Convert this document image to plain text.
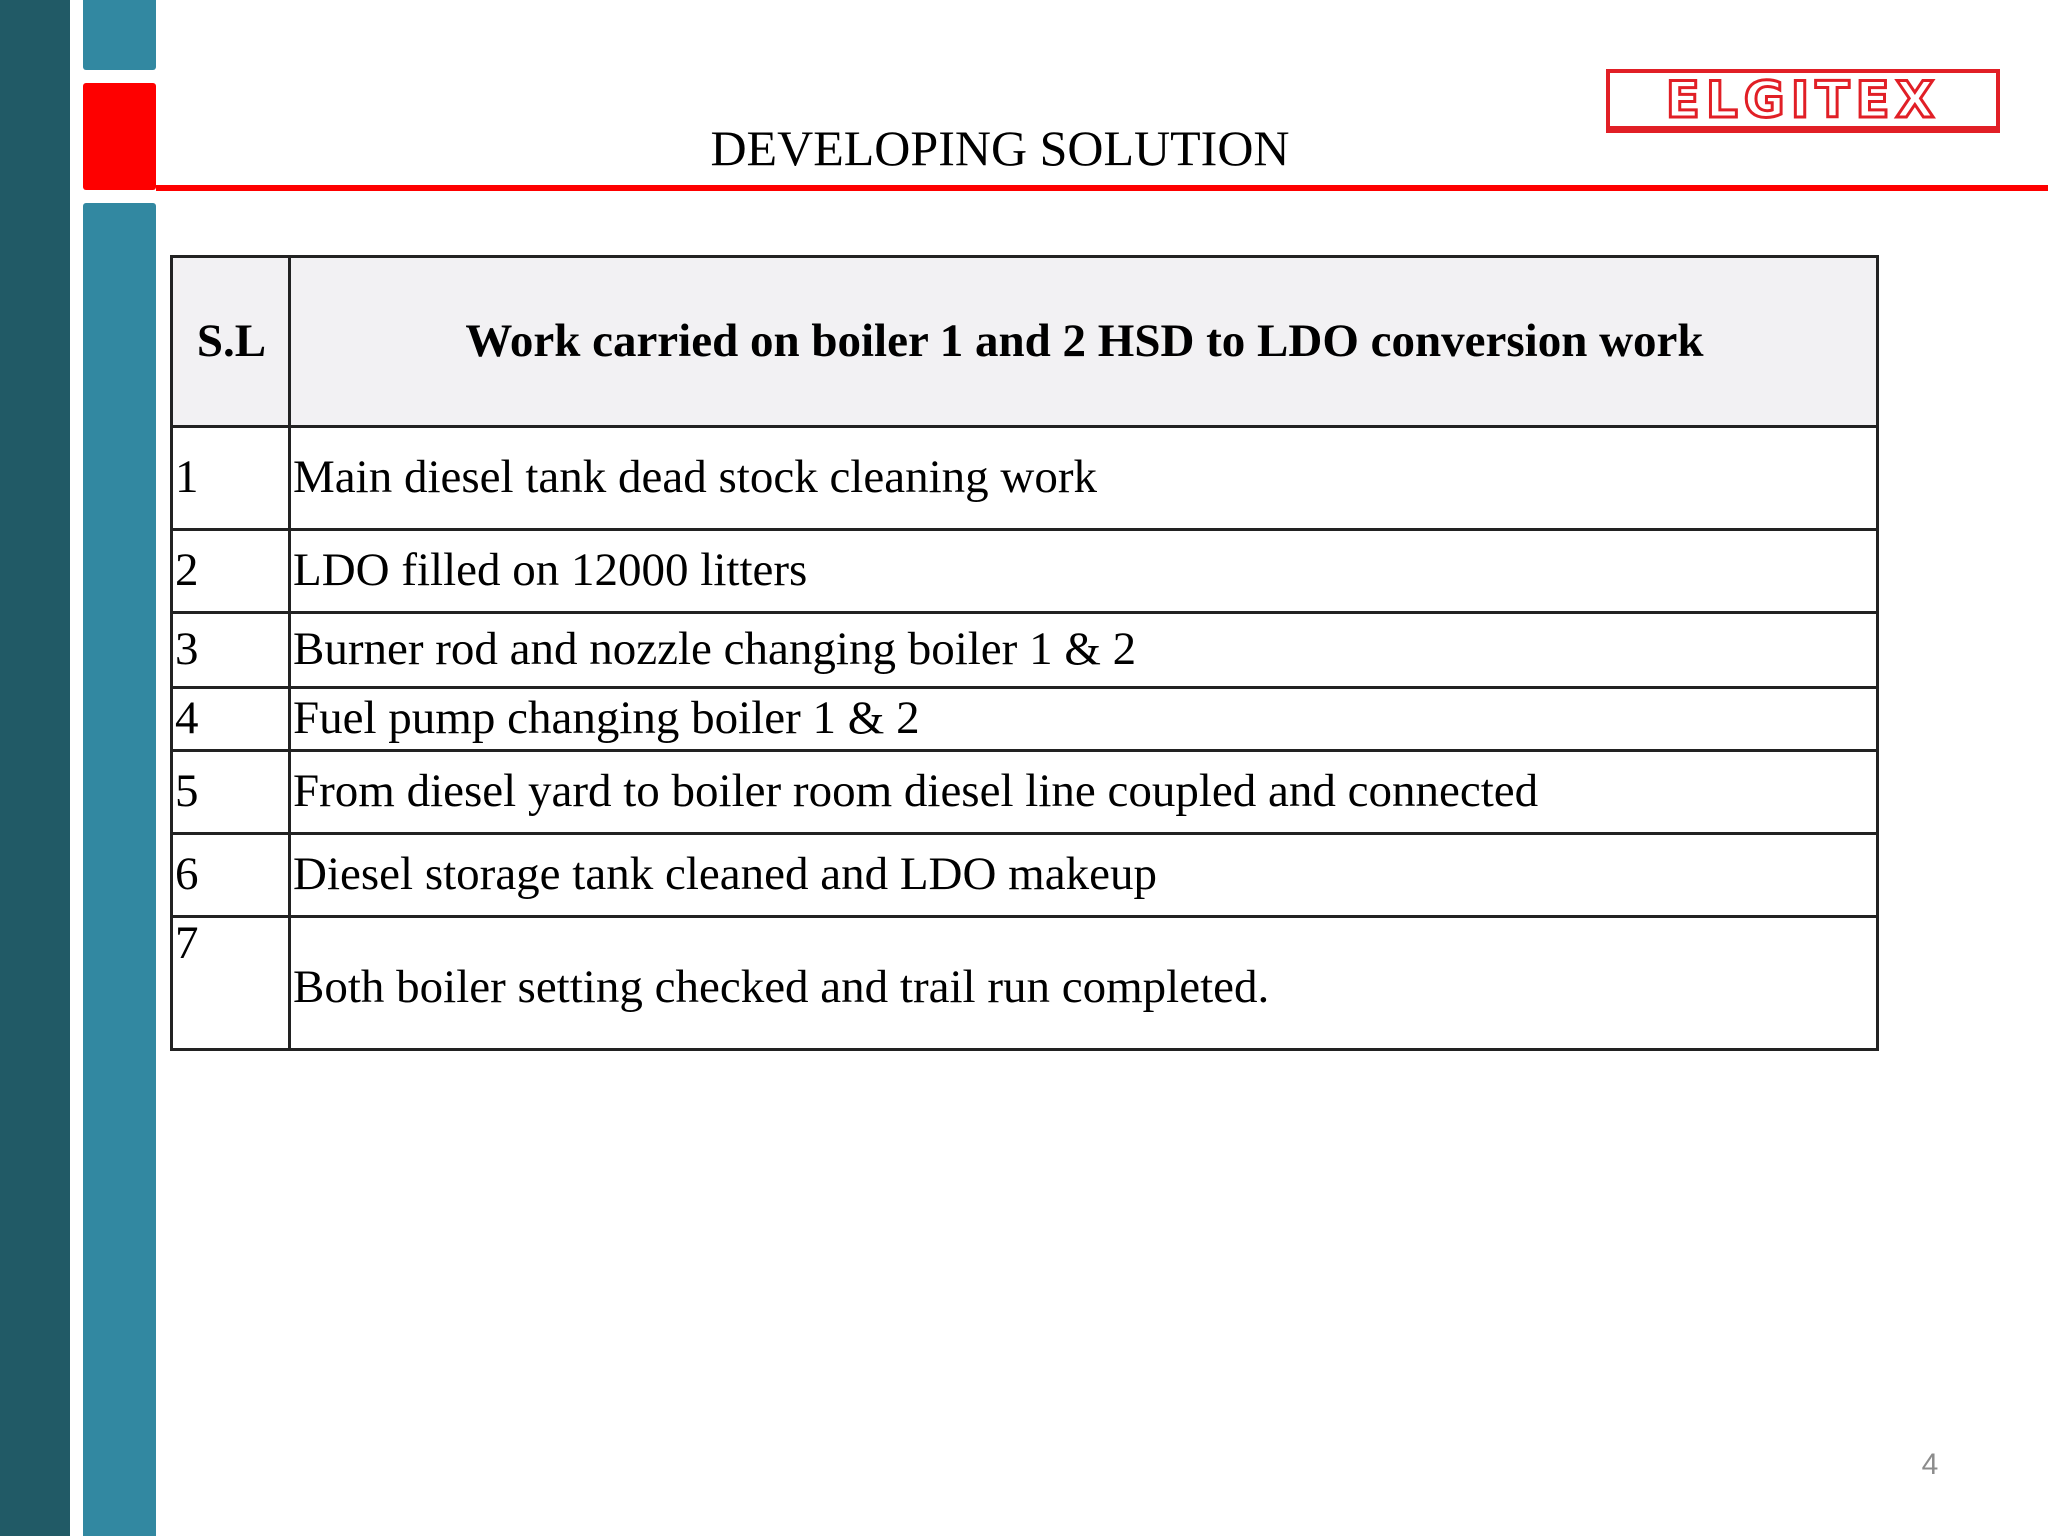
ELGITEX
DEVELOPING SOLUTION
S.L	Work carried on boiler 1 and 2 HSD to LDO conversion work
1	Main diesel tank dead stock cleaning work
2	LDO filled on 12000 litters
3	Burner rod and nozzle changing boiler 1 & 2
4	Fuel pump changing boiler 1 & 2
5	From diesel yard to boiler room diesel line coupled and connected
6	Diesel storage tank cleaned and LDO makeup
7	Both boiler setting checked and trail run completed.
4
